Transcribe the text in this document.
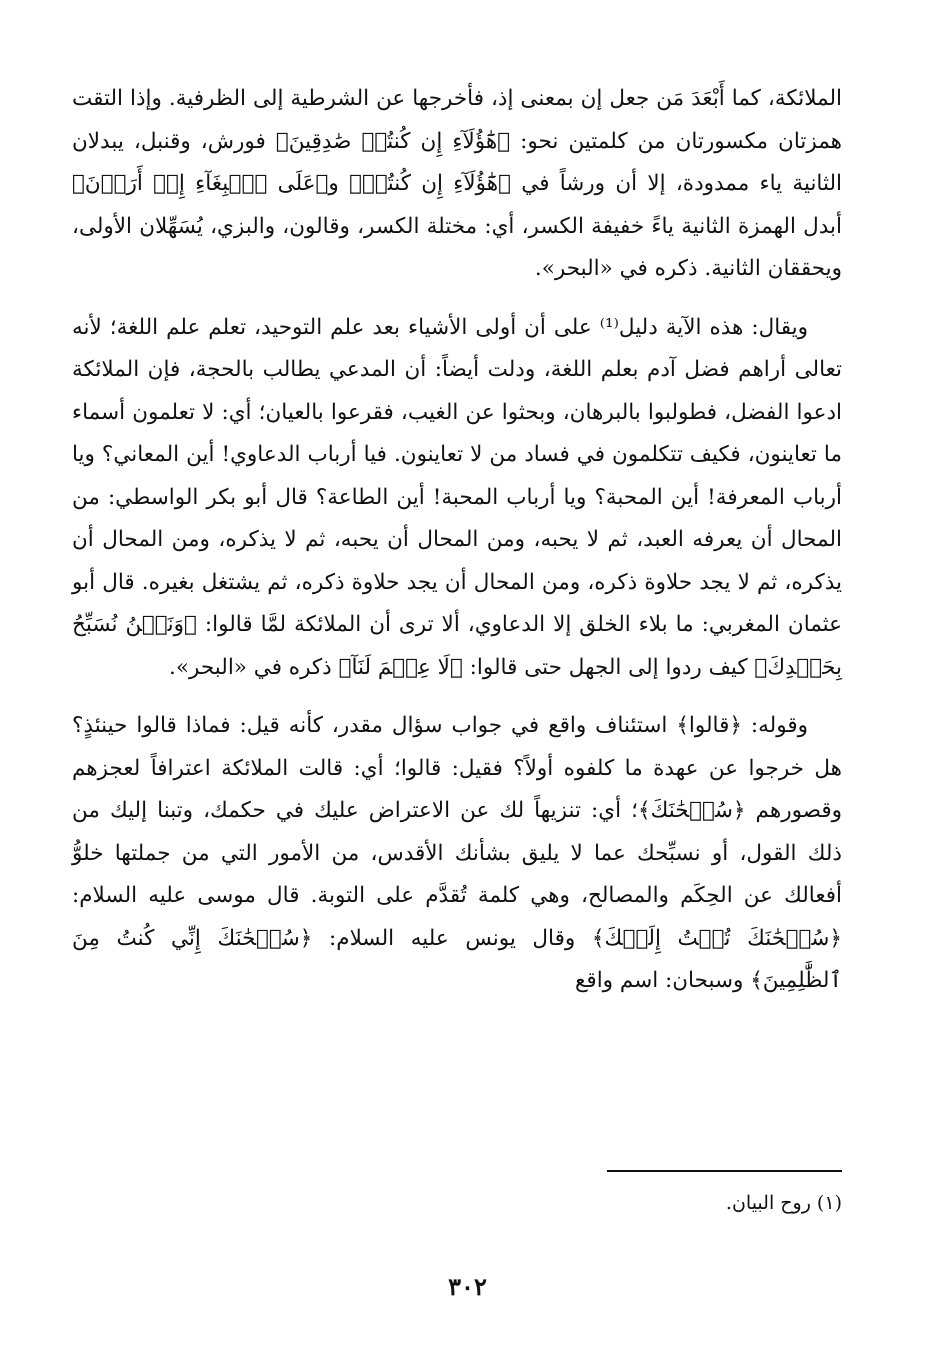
الملائكة، كما أَبْعَدَ مَن جعل إن بمعنى إذ، فأخرجها عن الشرطية إلى الظرفية. وإذا التقت همزتان مكسورتان من كلمتين نحو: ﴿هَٰٓؤُلَآءِ إِن كُنتُمۡ صَٰدِقِينَ﴾ فورش، وقنبل، يبدلان الثانية ياء ممدودة، إلا أن ورشاً في ﴿هَٰٓؤُلَآءِ إِن كُنتُمۡ﴾ و﴿عَلَى ٱلۡبِغَآءِ إِنۡ أَرَدۡنَ﴾ أبدل الهمزة الثانية ياءً خفيفة الكسر، أي: مختلة الكسر، وقالون، والبزي، يُسَهِّلان الأولى، ويحققان الثانية. ذكره في «البحر».

ويقال: هذه الآية دليل⁽¹⁾ على أن أولى الأشياء بعد علم التوحيد، تعلم علم اللغة؛ لأنه تعالى أراهم فضل آدم بعلم اللغة، ودلت أيضاً: أن المدعي يطالب بالحجة، فإن الملائكة ادعوا الفضل، فطولبوا بالبرهان، وبحثوا عن الغيب، فقرعوا بالعيان؛ أي: لا تعلمون أسماء ما تعاينون، فكيف تتكلمون في فساد من لا تعاينون. فيا أرباب الدعاوي! أين المعاني؟ ويا أرباب المعرفة! أين المحبة؟ ويا أرباب المحبة! أين الطاعة؟ قال أبو بكر الواسطي: من المحال أن يعرفه العبد، ثم لا يحبه، ومن المحال أن يحبه، ثم لا يذكره، ومن المحال أن يذكره، ثم لا يجد حلاوة ذكره، ومن المحال أن يجد حلاوة ذكره، ثم يشتغل بغيره. قال أبو عثمان المغربي: ما بلاء الخلق إلا الدعاوي، ألا ترى أن الملائكة لمَّا قالوا: ﴿وَنَحۡنُ نُسَبِّحُ بِحَمۡدِكَ﴾ كيف ردوا إلى الجهل حتى قالوا: ﴿لَا عِلۡمَ لَنَآ﴾ ذكره في «البحر».

وقوله: ﴿قالوا﴾ استئناف واقع في جواب سؤال مقدر، كأنه قيل: فماذا قالوا حينئذٍ؟ هل خرجوا عن عهدة ما كلفوه أولاً؟ فقيل: قالوا؛ أي: قالت الملائكة اعترافاً لعجزهم وقصورهم ﴿سُبۡحَٰنَكَ﴾؛ أي: تنزيهاً لك عن الاعتراض عليك في حكمك، وتبنا إليك من ذلك القول، أو نسبِّحك عما لا يليق بشأنك الأقدس، من الأمور التي من جملتها خلوُّ أفعالك عن الحِكَم والمصالح، وهي كلمة تُقدَّم على التوبة. قال موسى عليه السلام: ﴿سُبۡحَٰنَكَ تُبۡتُ إِلَيۡكَ﴾ وقال يونس عليه السلام: ﴿سُبۡحَٰنَكَ إِنِّي كُنتُ مِنَ ٱلظَّٰلِمِينَ﴾ وسبحان: اسم واقع

(١) روح البيان.
٣٠٢
